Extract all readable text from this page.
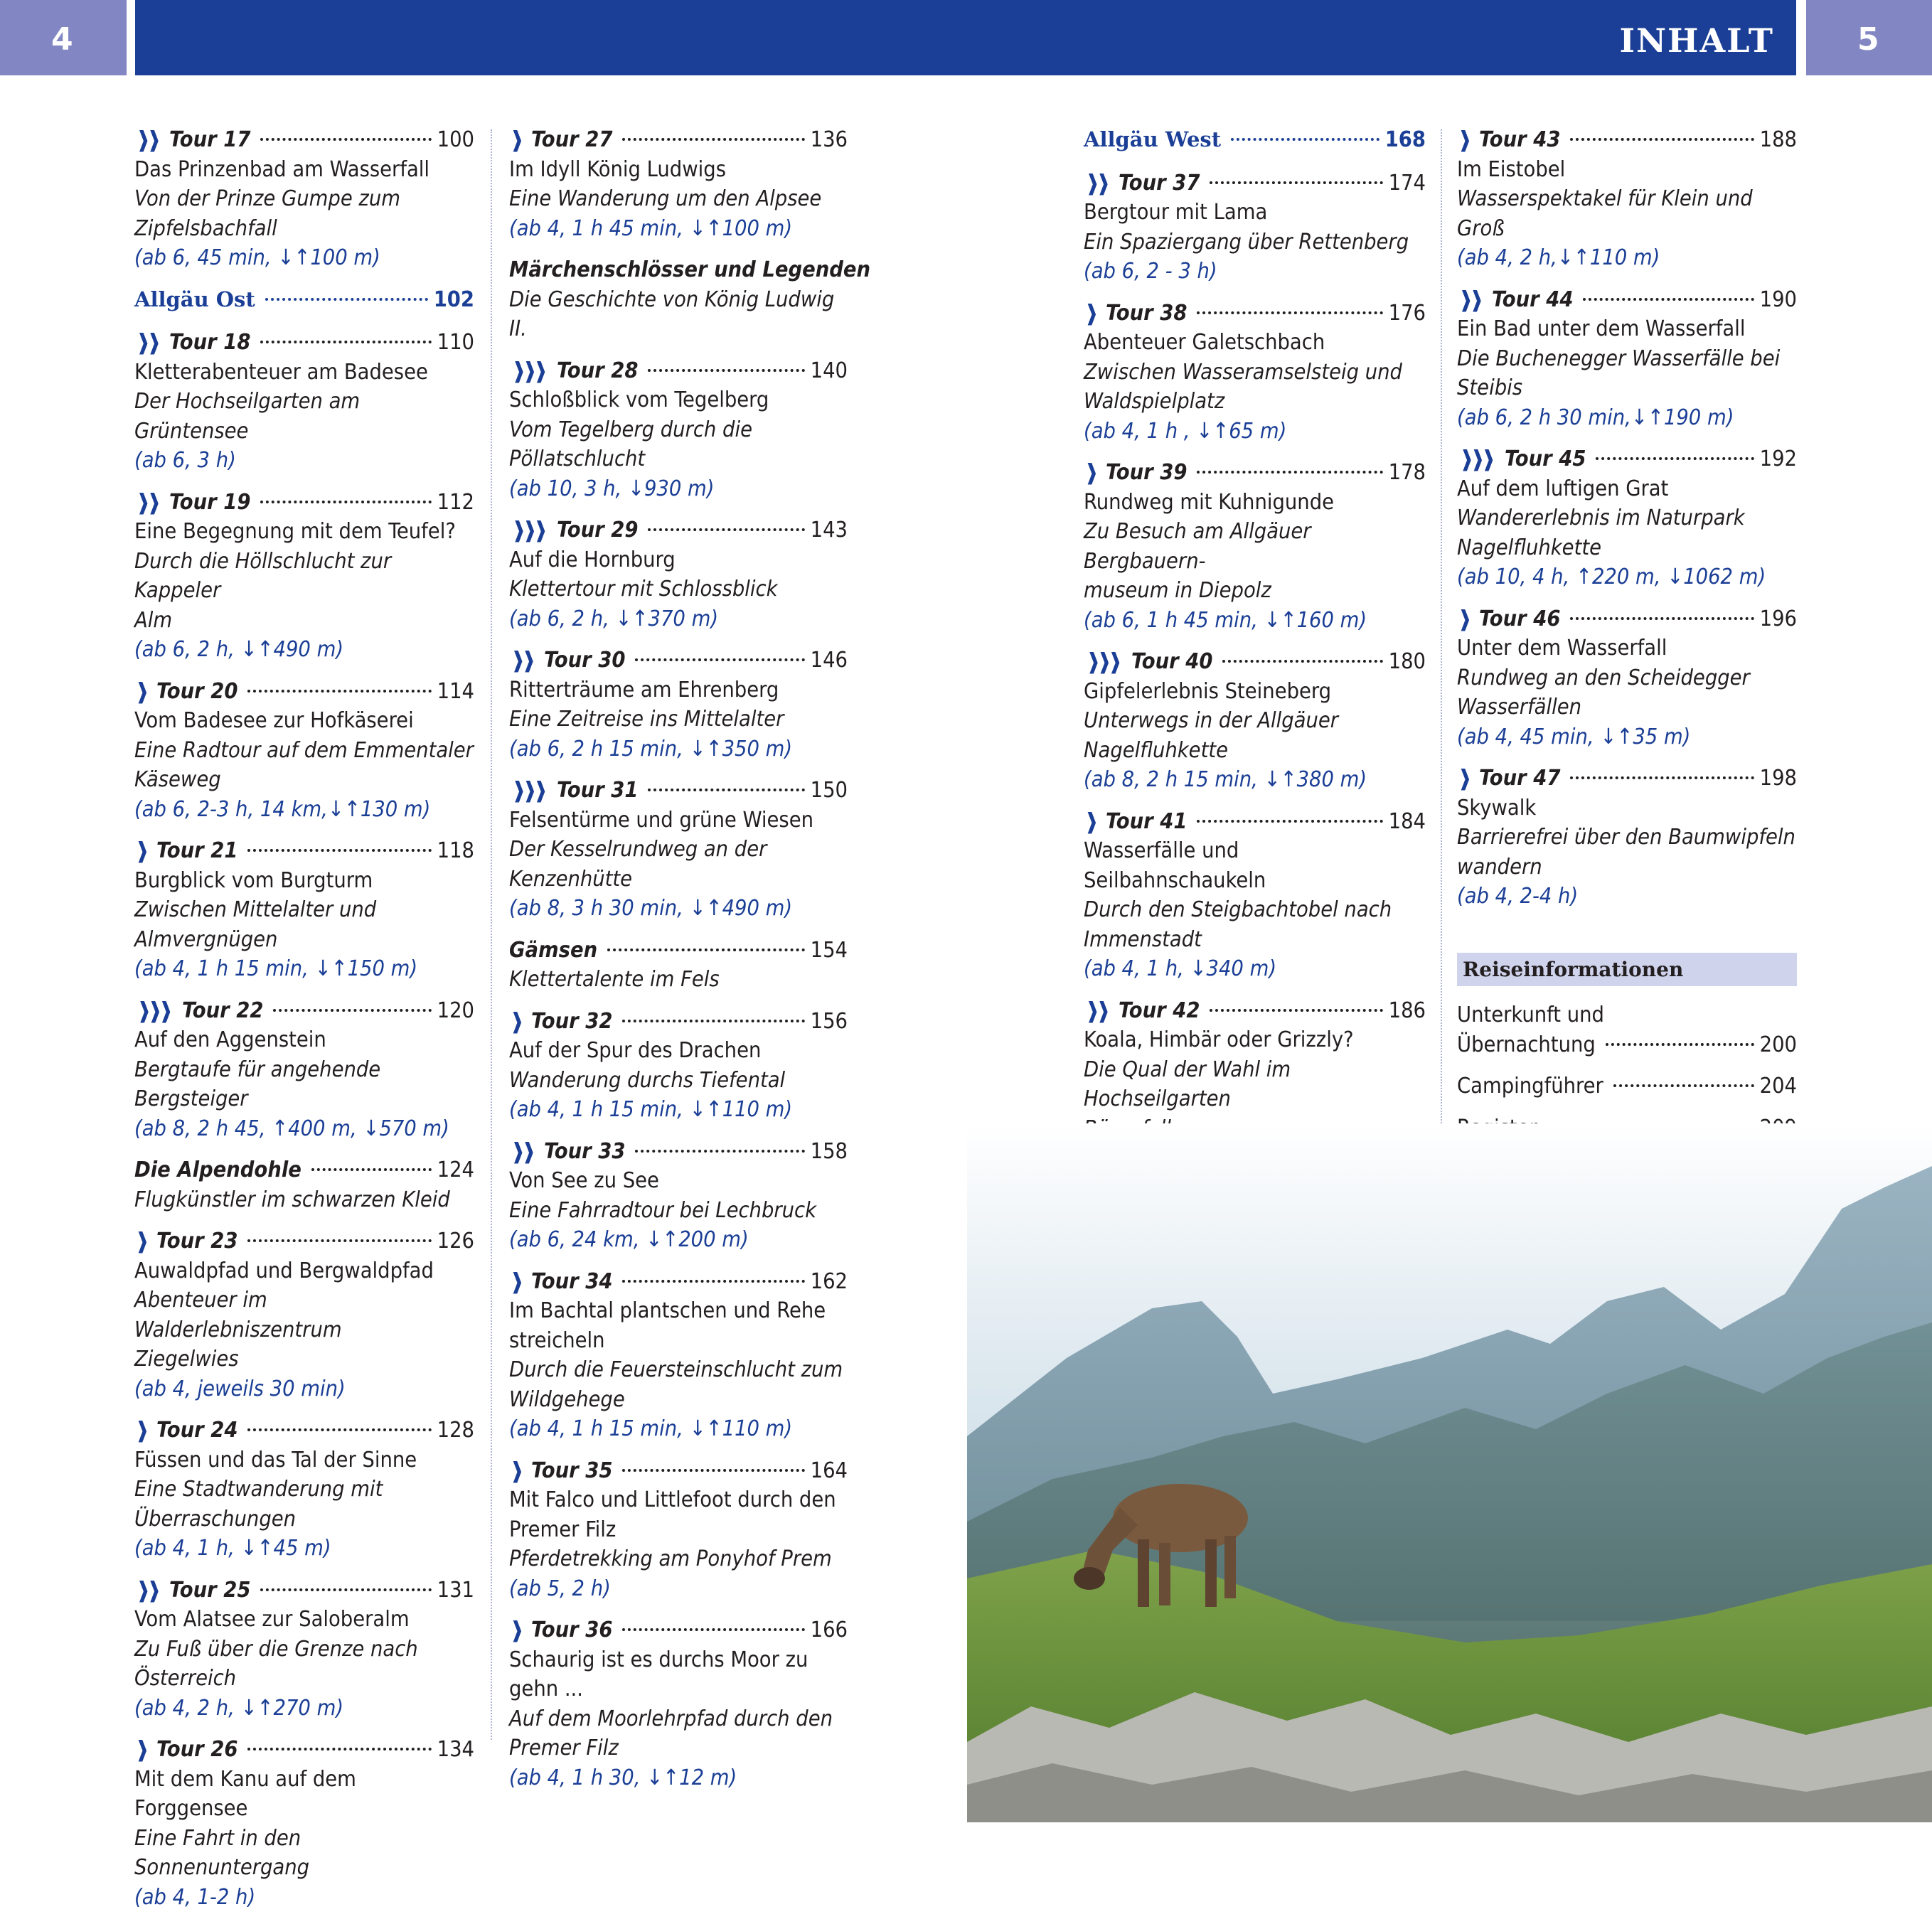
4	INHALT	5
❱❱ Tour 17	100
Das Prinzenbad am Wasserfall
Von der Prinze Gumpe zum
Zipfelsbachfall
(ab 6, 45 min, ↓↑100 m)
Allgäu Ost	102
❱❱ Tour 18	110
Kletterabenteuer am Badesee
Der Hochseilgarten am Grüntensee
(ab 6, 3 h)
❱❱ Tour 19	112
Eine Begegnung mit dem Teufel?
Durch die Höllschlucht zur Kappeler
Alm
(ab 6, 2 h, ↓↑490 m)
❱ Tour 20	114
Vom Badesee zur Hofkäserei
Eine Radtour auf dem Emmentaler
Käseweg
(ab 6, 2-3 h, 14 km,↓↑130 m)
❱ Tour 21	118
Burgblick vom Burgturm
Zwischen Mittelalter und
Almvergnügen
(ab 4, 1 h 15 min, ↓↑150 m)
❱❱❱ Tour 22	120
Auf den Aggenstein
Bergtaufe für angehende Bergsteiger
(ab 8, 2 h 45, ↑400 m, ↓570 m)
Die Alpendohle	124
Flugkünstler im schwarzen Kleid
❱ Tour 23	126
Auwaldpfad und Bergwaldpfad
Abenteuer im Walderlebniszentrum
Ziegelwies
(ab 4, jeweils 30 min)
❱ Tour 24	128
Füssen und das Tal der Sinne
Eine Stadtwanderung mit
Überraschungen
(ab 4, 1 h, ↓↑45 m)
❱❱ Tour 25	131
Vom Alatsee zur Saloberalm
Zu Fuß über die Grenze nach Österreich
(ab 4, 2 h, ↓↑270 m)
❱ Tour 26	134
Mit dem Kanu auf dem Forggensee
Eine Fahrt in den Sonnenuntergang
(ab 4, 1-2 h)
❱ Tour 27	136
Im Idyll König Ludwigs
Eine Wanderung um den Alpsee
(ab 4, 1 h 45 min, ↓↑100 m)
Märchenschlösser und Legenden
Die Geschichte von König Ludwig II.
❱❱❱ Tour 28	140
Schloßblick vom Tegelberg
Vom Tegelberg durch die Pöllatschlucht
(ab 10, 3 h, ↓930 m)
❱❱❱ Tour 29	143
Auf die Hornburg
Klettertour mit Schlossblick
(ab 6, 2 h, ↓↑370 m)
❱❱ Tour 30	146
Ritterträume am Ehrenberg
Eine Zeitreise ins Mittelalter
(ab 6, 2 h 15 min, ↓↑350 m)
❱❱❱ Tour 31	150
Felsentürme und grüne Wiesen
Der Kesselrundweg an der
Kenzenhütte
(ab 8, 3 h 30 min, ↓↑490 m)
Gämsen	154
Klettertalente im Fels
❱ Tour 32	156
Auf der Spur des Drachen
Wanderung durchs Tiefental
(ab 4, 1 h 15 min, ↓↑110 m)
❱❱ Tour 33	158
Von See zu See
Eine Fahrradtour bei Lechbruck
(ab 6, 24 km, ↓↑200 m)
❱ Tour 34	162
Im Bachtal plantschen und Rehe
streicheln
Durch die Feuersteinschlucht zum
Wildgehege
(ab 4, 1 h 15 min, ↓↑110 m)
❱ Tour 35	164
Mit Falco und Littlefoot durch den
Premer Filz
Pferdetrekking am Ponyhof Prem
(ab 5, 2 h)
❱ Tour 36	166
Schaurig ist es durchs Moor zu gehn ...
Auf dem Moorlehrpfad durch den
Premer Filz
(ab 4, 1 h 30, ↓↑12 m)
Allgäu West	168
❱❱ Tour 37	174
Bergtour mit Lama
Ein Spaziergang über Rettenberg
(ab 6, 2 - 3 h)
❱ Tour 38	176
Abenteuer Galetschbach
Zwischen Wasseramselsteig und
Waldspielplatz
(ab 4, 1 h , ↓↑65 m)
❱ Tour 39	178
Rundweg mit Kuhnigunde
Zu Besuch am Allgäuer Bergbauern-
museum in Diepolz
(ab 6, 1 h 45 min, ↓↑160 m)
❱❱❱ Tour 40	180
Gipfelerlebnis Steineberg
Unterwegs in der Allgäuer
Nagelfluhkette
(ab 8, 2 h 15 min, ↓↑380 m)
❱ Tour 41	184
Wasserfälle und Seilbahnschaukeln
Durch den Steigbachtobel nach
Immenstadt
(ab 4, 1 h, ↓340 m)
❱❱ Tour 42	186
Koala, Himbär oder Grizzly?
Die Qual der Wahl im Hochseilgarten
❱ Tour 43	188
Im Eistobel
Wasserspektakel für Klein und Groß
(ab 4, 2 h,↓↑110 m)
❱❱ Tour 44	190
Ein Bad unter dem Wasserfall
Die Buchenegger Wasserfälle bei
Steibis
(ab 6, 2 h 30 min,↓↑190 m)
❱❱❱ Tour 45	192
Auf dem luftigen Grat
Wandererlebnis im Naturpark
Nagelfluhkette
(ab 10, 4 h, ↑220 m, ↓1062 m)
❱ Tour 46	196
Unter dem Wasserfall
Rundweg an den Scheidegger
Wasserfällen
(ab 4, 45 min, ↓↑35 m)
❱ Tour 47	198
Skywalk
Barrierefrei über den Baumwipfeln
wandern
(ab 4, 2-4 h)
Reiseinformationen
Unterkunft und
Übernachtung	200
Campingführer	204
